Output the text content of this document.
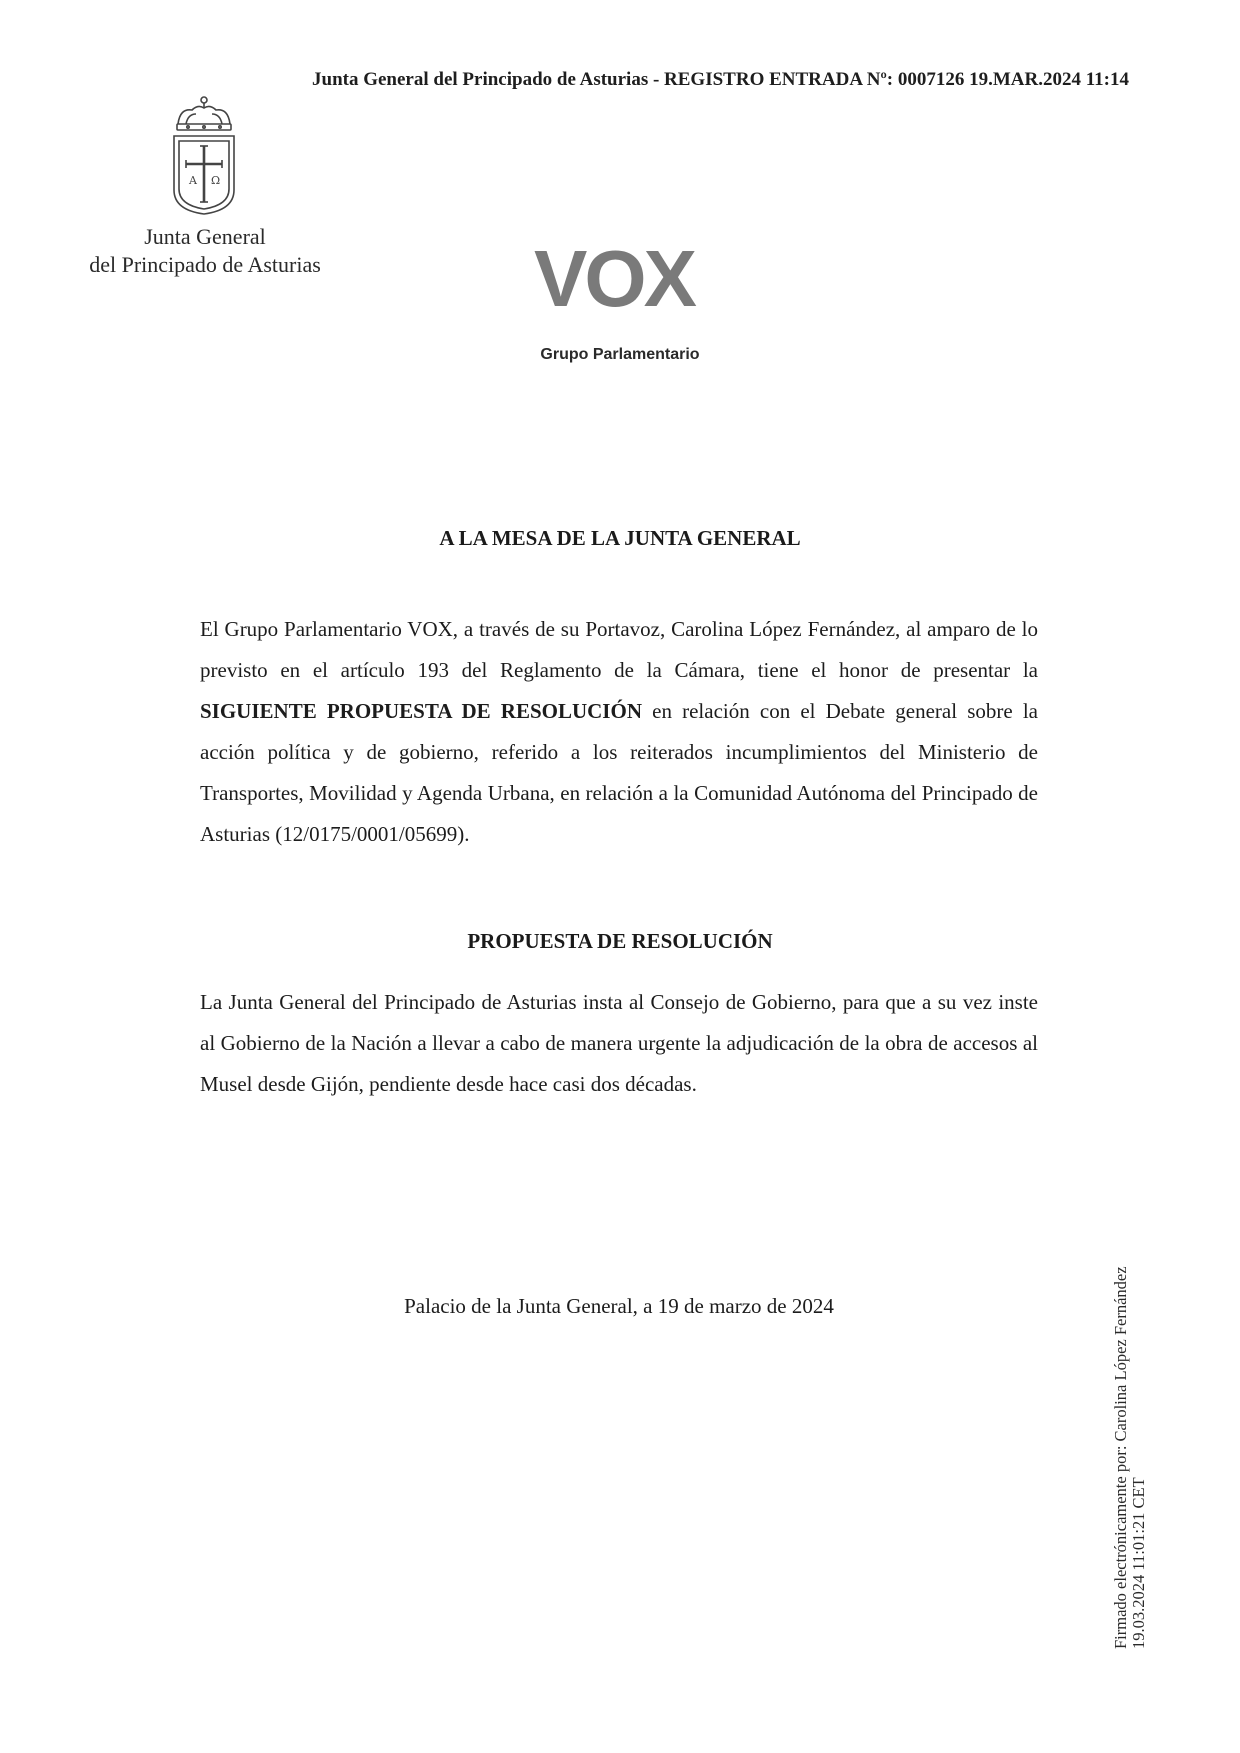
Junta General del Principado de Asturias - REGISTRO ENTRADA Nº: 0007126 19.MAR.2024 11:14
A Ω
Junta General
del Principado de Asturias	VOX
Grupo Parlamentario
A LA MESA DE LA JUNTA GENERAL
El Grupo Parlamentario VOX, a través de su Portavoz, Carolina López Fernández, al amparo de lo previsto en el artículo 193 del Reglamento de la Cámara, tiene el honor de presentar la SIGUIENTE PROPUESTA DE RESOLUCIÓN en relación con el Debate general sobre la acción política y de gobierno, referido a los reiterados incumplimientos del Ministerio de Transportes, Movilidad y Agenda Urbana, en relación a la Comunidad Autónoma del Principado de Asturias (12/0175/0001/05699).
PROPUESTA DE RESOLUCIÓN
La Junta General del Principado de Asturias insta al Consejo de Gobierno, para que a su vez inste al Gobierno de la Nación a llevar a cabo de manera urgente la adjudicación de la obra de accesos al Musel desde Gijón, pendiente desde hace casi dos décadas.
Palacio de la Junta General, a 19 de marzo de 2024	Firmado electrónicamente por: Carolina López Fernández 19.03.2024 11:01:21 CET
